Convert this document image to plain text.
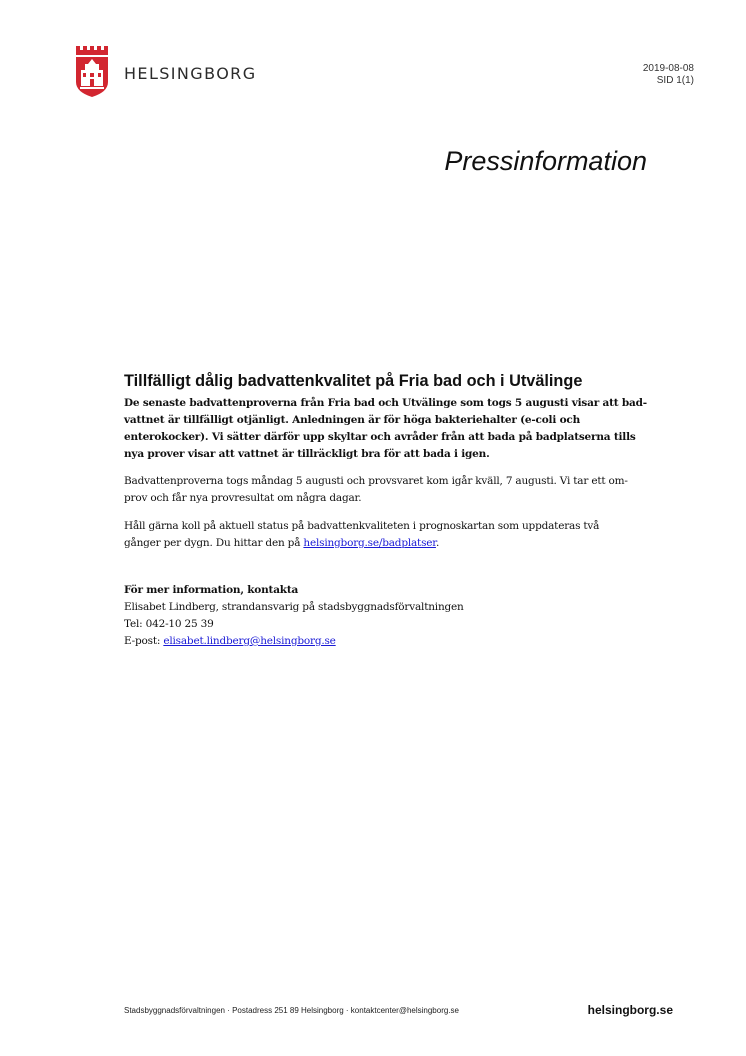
HELSINGBORG	2019-08-08
SID 1(1)
Pressinformation
Tillfälligt dålig badvattenkvalitet på Fria bad och i Utvälinge

De senaste badvattenproverna från Fria bad och Utvälinge som togs 5 augusti visar att bad-
vattnet är tillfälligt otjänligt. Anledningen är för höga bakteriehalter (e-coli och
enterokocker). Vi sätter därför upp skyltar och avråder från att bada på badplatserna tills
nya prover visar att vattnet är tillräckligt bra för att bada i igen.

Badvattenproverna togs måndag 5 augusti och provsvaret kom igår kväll, 7 augusti. Vi tar ett om-
prov och får nya provresultat om några dagar.

Håll gärna koll på aktuell status på badvattenkvaliteten i prognoskartan som uppdateras två
gånger per dygn. Du hittar den på helsingborg.se/badplatser.

För mer information, kontakta
Elisabet Lindberg, strandansvarig på stadsbyggnadsförvaltningen
Tel: 042-10 25 39
E-post: elisabet.lindberg@helsingborg.se
Stadsbyggnadsförvaltningen · Postadress 251 89 Helsingborg · kontaktcenter@helsingborg.se	helsingborg.se
